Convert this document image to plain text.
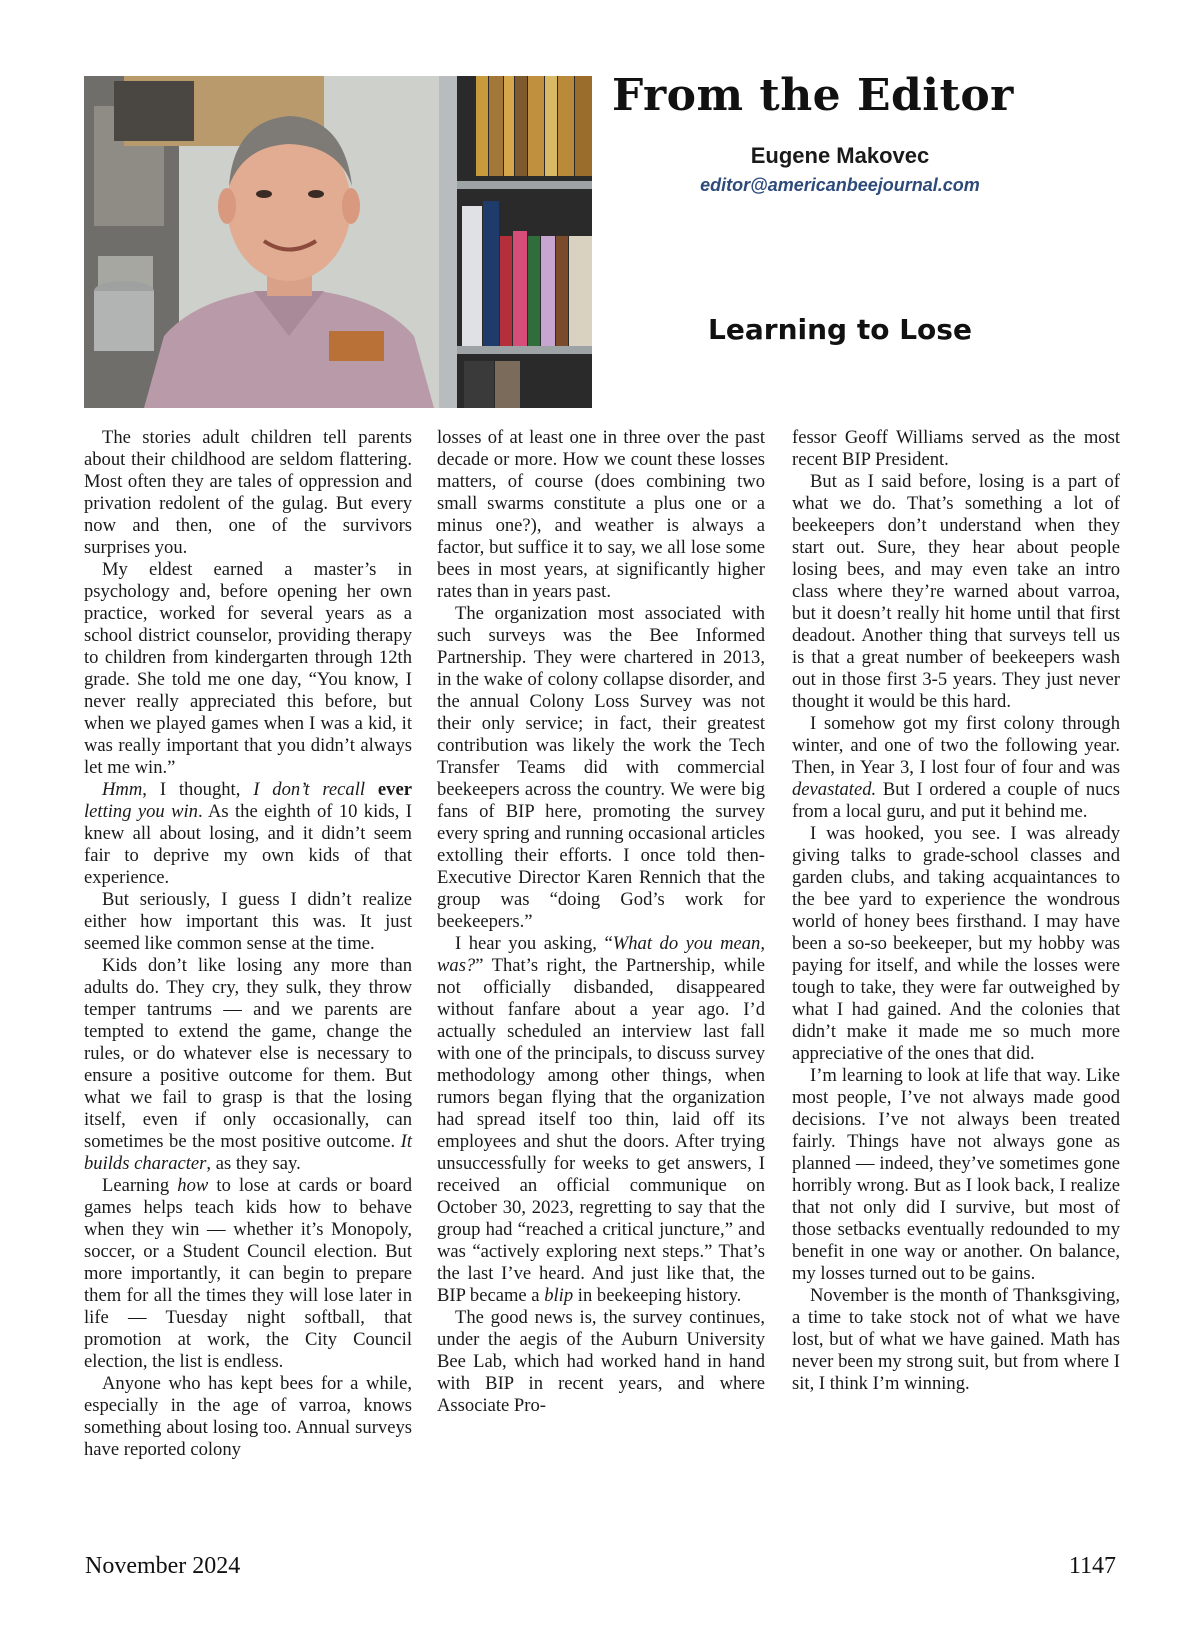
From the Editor
Eugene Makovec
editor@americanbeejournal.com
Learning to Lose

The stories adult children tell parents about their childhood are seldom flattering. Most often they are tales of oppression and privation redolent of the gulag. But every now and then, one of the survivors surprises you.

My eldest earned a master’s in psychology and, before opening her own practice, worked for several years as a school district counselor, providing therapy to children from kindergarten through 12th grade. She told me one day, “You know, I never really appreciated this before, but when we played games when I was a kid, it was really important that you didn’t always let me win.”

Hmm, I thought, I don’t recall ever letting you win. As the eighth of 10 kids, I knew all about losing, and it didn’t seem fair to deprive my own kids of that experience.

But seriously, I guess I didn’t realize either how important this was. It just seemed like common sense at the time.

Kids don’t like losing any more than adults do. They cry, they sulk, they throw temper tantrums — and we parents are tempted to extend the game, change the rules, or do whatever else is necessary to ensure a positive outcome for them. But what we fail to grasp is that the losing itself, even if only occasionally, can sometimes be the most positive outcome. It builds character, as they say.

Learning how to lose at cards or board games helps teach kids how to behave when they win — whether it’s Monopoly, soccer, or a Student Council election. But more importantly, it can begin to prepare them for all the times they will lose later in life — Tuesday night softball, that promotion at work, the City Council election, the list is endless.

Anyone who has kept bees for a while, especially in the age of varroa, knows something about losing too. Annual surveys have reported colony

losses of at least one in three over the past decade or more. How we count these losses matters, of course (does combining two small swarms constitute a plus one or a minus one?), and weather is always a factor, but suffice it to say, we all lose some bees in most years, at significantly higher rates than in years past.

The organization most associated with such surveys was the Bee Informed Partnership. They were chartered in 2013, in the wake of colony collapse disorder, and the annual Colony Loss Survey was not their only service; in fact, their greatest contribution was likely the work the Tech Transfer Teams did with commercial beekeepers across the country. We were big fans of BIP here, promoting the survey every spring and running occasional articles extolling their efforts. I once told then-Executive Director Karen Rennich that the group was “doing God’s work for beekeepers.”

I hear you asking, “What do you mean, was?” That’s right, the Partnership, while not officially disbanded, disappeared without fanfare about a year ago. I’d actually scheduled an interview last fall with one of the principals, to discuss survey methodology among other things, when rumors began flying that the organization had spread itself too thin, laid off its employees and shut the doors. After trying unsuccessfully for weeks to get answers, I received an official communique on October 30, 2023, regretting to say that the group had “reached a critical juncture,” and was “actively exploring next steps.” That’s the last I’ve heard. And just like that, the BIP became a blip in beekeeping history.

The good news is, the survey continues, under the aegis of the Auburn University Bee Lab, which had worked hand in hand with BIP in recent years, and where Associate Pro-

fessor Geoff Williams served as the most recent BIP President.

But as I said before, losing is a part of what we do. That’s something a lot of beekeepers don’t understand when they start out. Sure, they hear about people losing bees, and may even take an intro class where they’re warned about varroa, but it doesn’t really hit home until that first deadout. Another thing that surveys tell us is that a great number of beekeepers wash out in those first 3-5 years. They just never thought it would be this hard.

I somehow got my first colony through winter, and one of two the following year. Then, in Year 3, I lost four of four and was devastated. But I ordered a couple of nucs from a local guru, and put it behind me.

I was hooked, you see. I was already giving talks to grade-school classes and garden clubs, and taking acquaintances to the bee yard to experience the wondrous world of honey bees firsthand. I may have been a so-so beekeeper, but my hobby was paying for itself, and while the losses were tough to take, they were far outweighed by what I had gained. And the colonies that didn’t make it made me so much more appreciative of the ones that did.

I’m learning to look at life that way. Like most people, I’ve not always made good decisions. I’ve not always been treated fairly. Things have not always gone as planned — indeed, they’ve sometimes gone horribly wrong. But as I look back, I realize that not only did I survive, but most of those setbacks eventually redounded to my benefit in one way or another. On balance, my losses turned out to be gains.

November is the month of Thanksgiving, a time to take stock not of what we have lost, but of what we have gained. Math has never been my strong suit, but from where I sit, I think I’m winning.

November 2024	1147
